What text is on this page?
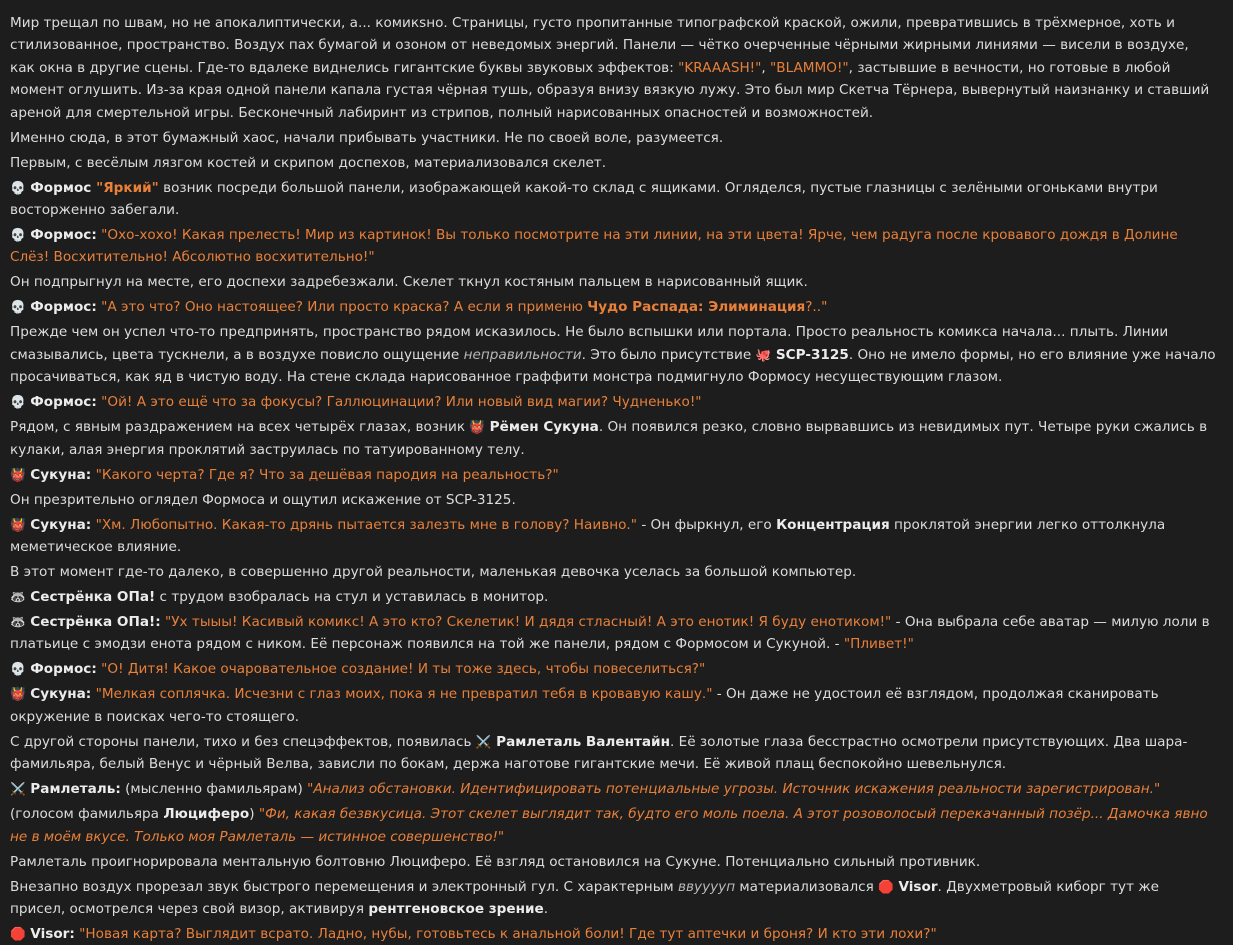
Мир трещал по швам, но не апокалиптически, а... комикsно. Страницы, густо пропитанные типографской краской, ожили, превратившись в трёхмерное, хоть и стилизованное, пространство. Воздух пах бумагой и озоном от неведомых энергий. Панели — чётко очерченные чёрными жирными линиями — висели в воздухе, как окна в другие сцены. Где-то вдалеке виднелись гигантские буквы звуковых эффектов: "KRAAASH!", "BLAMMO!", застывшие в вечности, но готовые в любой момент оглушить. Из-за края одной панели капала густая чёрная тушь, образуя внизу вязкую лужу. Это был мир Скетча Тёрнера, вывернутый наизнанку и ставший ареной для смертельной игры. Бесконечный лабиринт из стрипов, полный нарисованных опасностей и возможностей.

Именно сюда, в этот бумажный хаос, начали прибывать участники. Не по своей воле, разумеется.

Первым, с весёлым лязгом костей и скрипом доспехов, материализовался скелет.

💀 Формос "Яркий" возник посреди большой панели, изображающей какой-то склад с ящиками. Огляделся, пустые глазницы с зелёными огоньками внутри восторженно забегали.

💀 Формос: "Охо-хохо! Какая прелесть! Мир из картинок! Вы только посмотрите на эти линии, на эти цвета! Ярче, чем радуга после кровавого дождя в Долине Слёз! Восхитительно! Абсолютно восхитительно!"

Он подпрыгнул на месте, его доспехи задребезжали. Скелет ткнул костяным пальцем в нарисованный ящик.

💀 Формос: "А это что? Оно настоящее? Или просто краска? А если я применю Чудо Распада: Элиминация?.."

Прежде чем он успел что-то предпринять, пространство рядом исказилось. Не было вспышки или портала. Просто реальность комикса начала... плыть. Линии смазывались, цвета тускнели, а в воздухе повисло ощущение неправильности. Это было присутствие 🐙 SCP-3125. Оно не имело формы, но его влияние уже начало просачиваться, как яд в чистую воду. На стене склада нарисованное граффити монстра подмигнуло Формосу несуществующим глазом.

💀 Формос: "Ой! А это ещё что за фокусы? Галлюцинации? Или новый вид магии? Чудненько!"

Рядом, с явным раздражением на всех четырёх глазах, возник 👹 Рёмен Сукуна. Он появился резко, словно вырвавшись из невидимых пут. Четыре руки сжались в кулаки, алая энергия проклятий заструилась по татуированному телу.

👹 Сукуна: "Какого черта? Где я? Что за дешёвая пародия на реальность?"

Он презрительно оглядел Формоса и ощутил искажение от SCP-3125.

👹 Сукуна: "Хм. Любопытно. Какая-то дрянь пытается залезть мне в голову? Наивно." - Он фыркнул, его Концентрация проклятой энергии легко оттолкнула меметическое влияние.

В этот момент где-то далеко, в совершенно другой реальности, маленькая девочка уселась за большой компьютер.

🦝 Сестрёнка ОПа! с трудом взобралась на стул и уставилась в монитор.

🦝 Сестрёнка ОПа!: "Ух тыыы! Касивый комикс! А это кто? Скелетик! И дядя стласный! А это енотик! Я буду енотиком!" - Она выбрала себе аватар — милую лоли в платьице с эмодзи енота рядом с ником. Её персонаж появился на той же панели, рядом с Формосом и Сукуной. - "Пливет!"

💀 Формос: "О! Дитя! Какое очаровательное создание! И ты тоже здесь, чтобы повеселиться?"

👹 Сукуна: "Мелкая соплячка. Исчезни с глаз моих, пока я не превратил тебя в кровавую кашу." - Он даже не удостоил её взглядом, продолжая сканировать окружение в поисках чего-то стоящего.

С другой стороны панели, тихо и без спецэффектов, появилась ⚔️ Рамлеталь Валентайн. Её золотые глаза бесстрастно осмотрели присутствующих. Два шара-фамильяра, белый Венус и чёрный Велва, зависли по бокам, держа наготове гигантские мечи. Её живой плащ беспокойно шевельнулся.

⚔️ Рамлеталь: (мысленно фамильярам) "Анализ обстановки. Идентифицировать потенциальные угрозы. Источник искажения реальности зарегистрирован."

(голосом фамильяра Люциферо) "Фи, какая безвкусица. Этот скелет выглядит так, будто его моль поела. А этот розоволосый перекачанный позёр... Дамочка явно не в моём вкусе. Только моя Рамлеталь — истинное совершенство!"

Рамлеталь проигнорировала ментальную болтовню Люциферо. Её взгляд остановился на Сукуне. Потенциально сильный противник.

Внезапно воздух прорезал звук быстрого перемещения и электронный гул. С характерным ввууууп материализовался 🛑 Visor. Двухметровый киборг тут же присел, осмотрелся через свой визор, активируя рентгеновское зрение.

🛑 Visor: "Новая карта? Выглядит всрато. Ладно, нубы, готовьтесь к анальной боли! Где тут аптечки и броня? И кто эти лохи?"
